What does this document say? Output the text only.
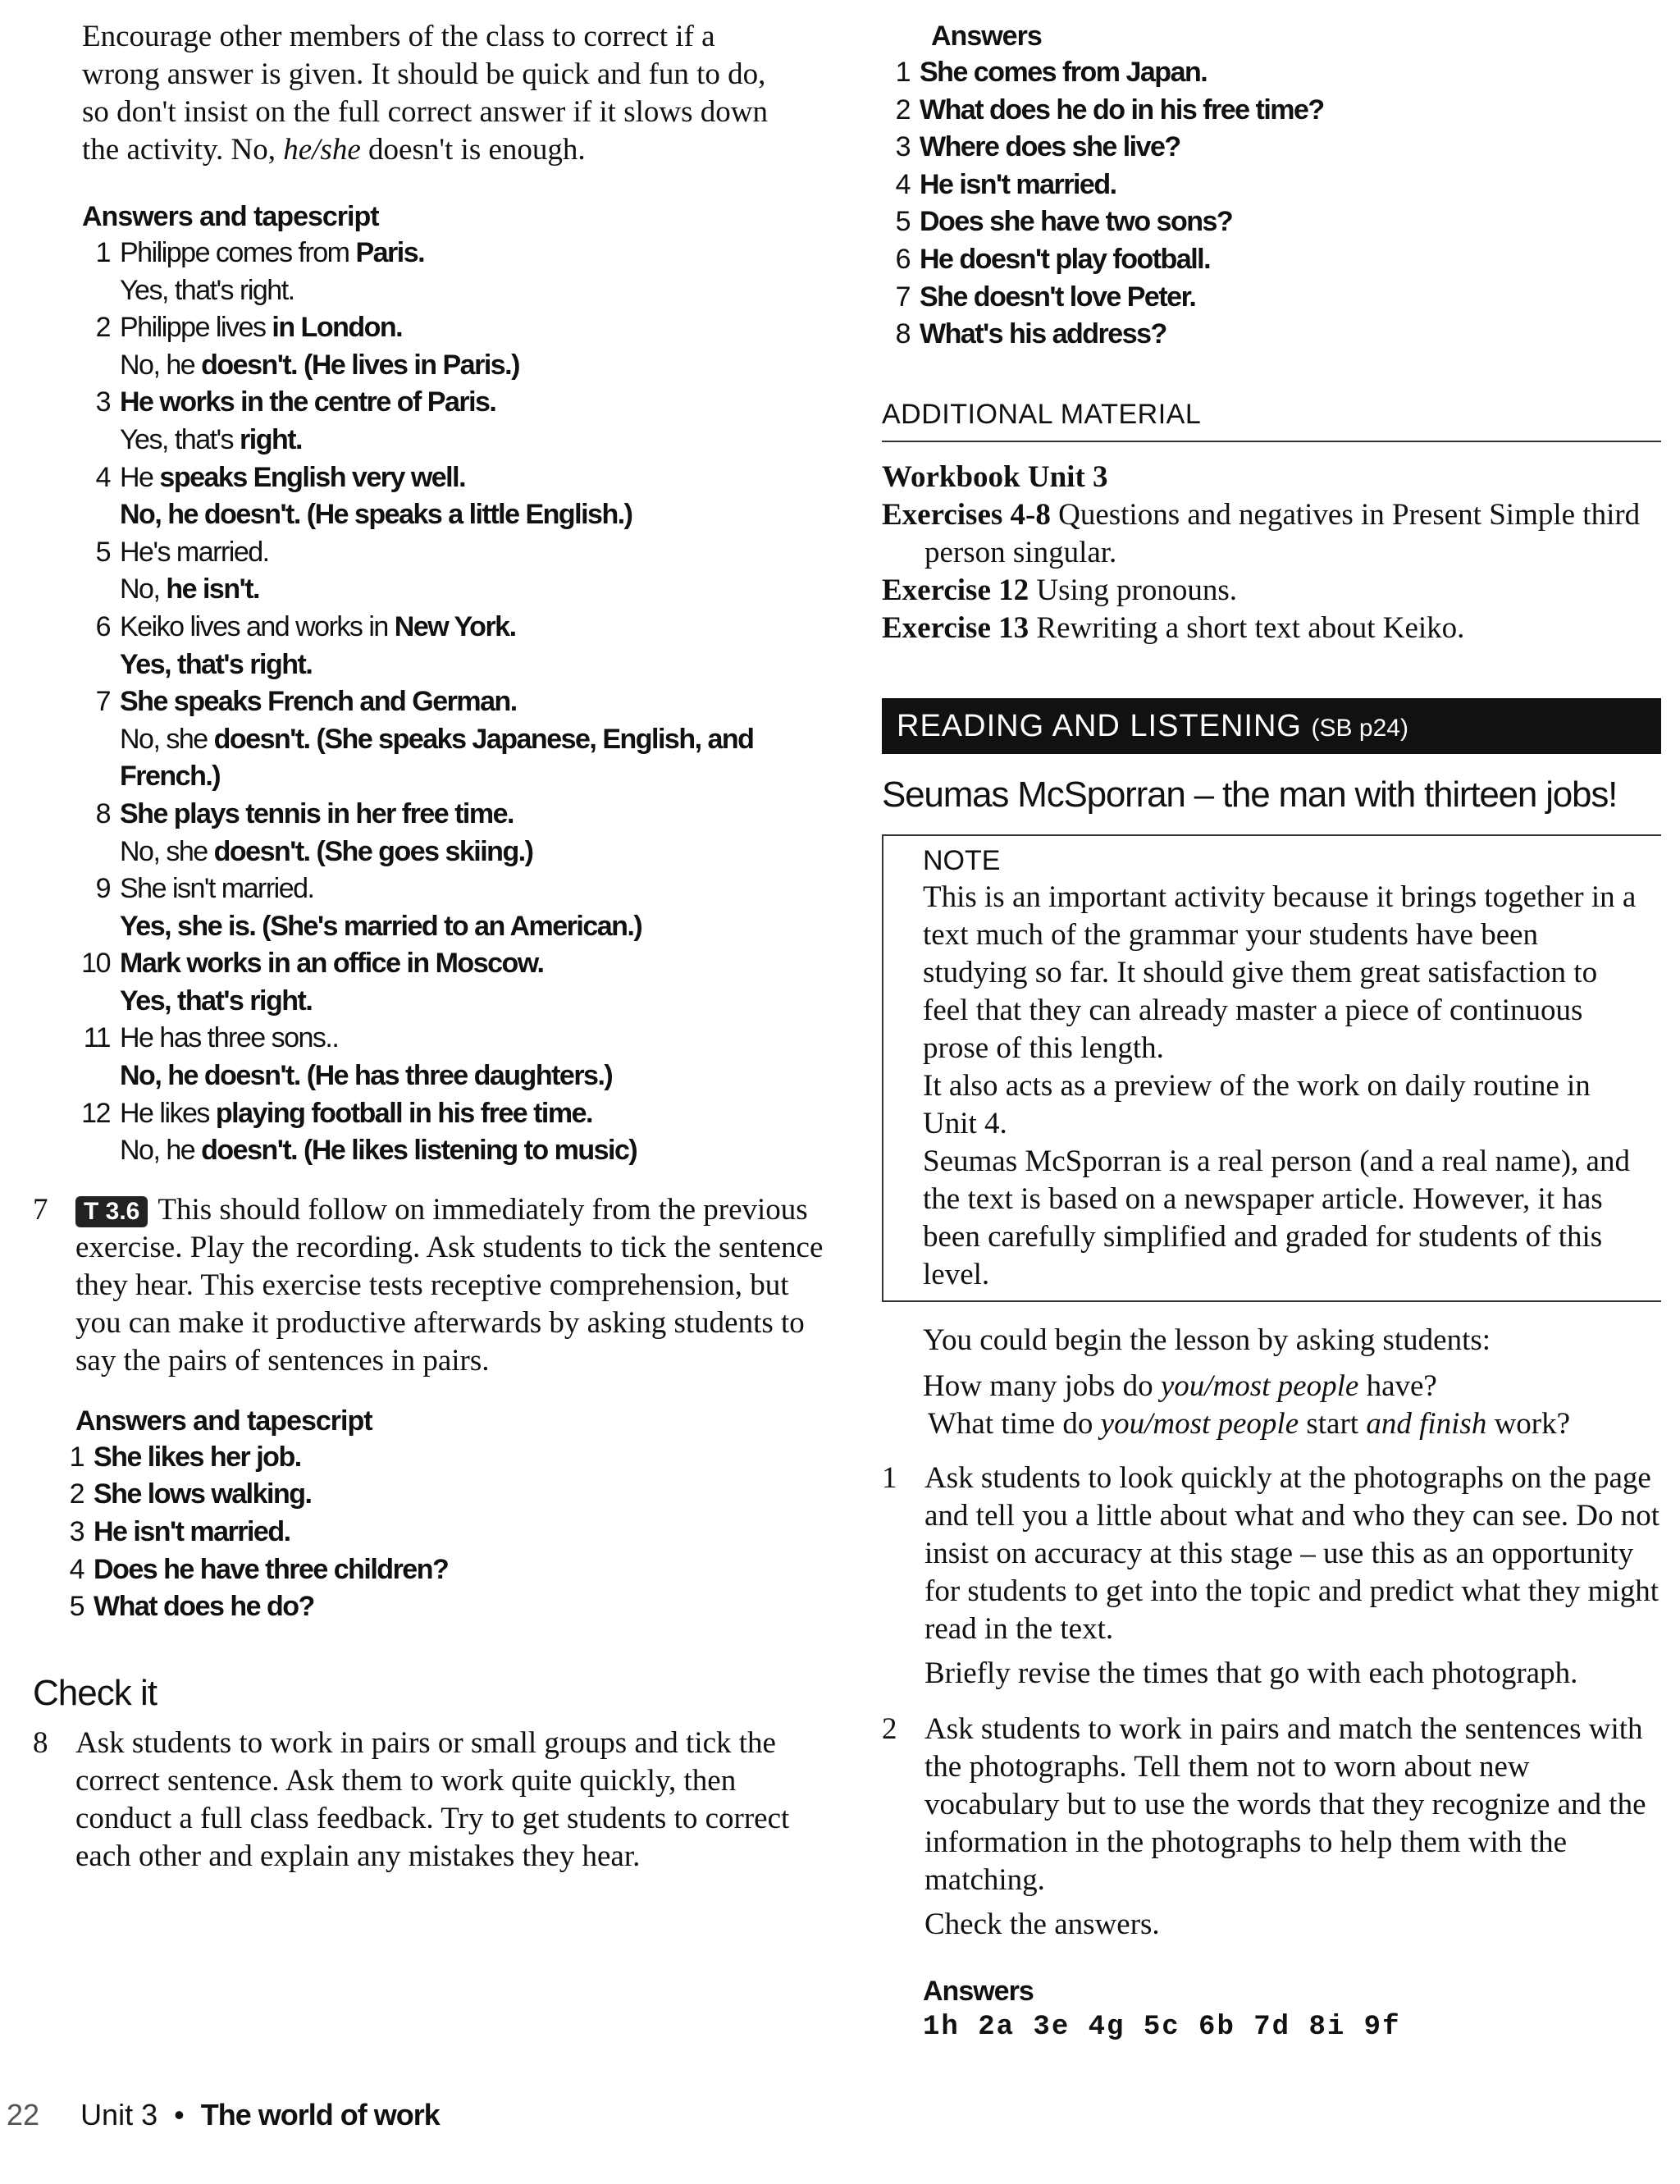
Encourage other members of the class to correct if a
wrong answer is given. It should be quick and fun to do,
so don't insist on the full correct answer if it slows down
the activity. No, he/she doesn't is enough.

Answers and tapescript

1 Philippe comes from Paris.
Yes, that's right.
2 Philippe lives in London.
No, he doesn't. (He lives in Paris.)
3 He works in the centre of Paris.
Yes, that's right.
4 He speaks English very well.
No, he doesn't. (He speaks a little English.)
5 He's married.
No, he isn't.
6 Keiko lives and works in New York.
Yes, that's right.
7 She speaks French and German.
No, she doesn't. (She speaks Japanese, English, and French.)
8 She plays tennis in her free time.
No, she doesn't. (She goes skiing.)
9 She isn't married.
Yes, she is. (She's married to an American.)
10 Mark works in an office in Moscow.
Yes, that's right.
11 He has three sons..
No, he doesn't. (He has three daughters.)
12 He likes playing football in his free time.
No, he doesn't. (He likes listening to music)
7	T 3.6 This should follow on immediately from the previous exercise. Play the recording. Ask students to tick the sentence they hear. This exercise tests receptive comprehension, but you can make it productive afterwards by asking students to say the pairs of sentences in pairs.

Answers and tapescript

1 She likes her job.
2 She lows walking.
3 He isn't married.
4 Does he have three children?
5 What does he do?

Check it

8 Ask students to work in pairs or small groups and tick the correct sentence. Ask them to work quite quickly, then conduct a full class feedback. Try to get students to correct each other and explain any mistakes they hear.

Answers

1 She comes from Japan.
2 What does he do in his free time?
3 Where does she live?
4 He isn't married.
5 Does she have two sons?
6 He doesn't play football.
7 She doesn't love Peter.
8 What's his address?

ADDITIONAL MATERIAL

Workbook Unit 3

Exercises 4-8 Questions and negatives in Present Simple third person singular.

Exercise 12 Using pronouns.

Exercise 13 Rewriting a short text about Keiko.

READING AND LISTENING (SB p24)

Seumas McSporran – the man with thirteen jobs!

NOTE

This is an important activity because it brings together in a text much of the grammar your students have been studying so far. It should give them great satisfaction to feel that they can already master a piece of continuous prose of this length.

It also acts as a preview of the work on daily routine in Unit 4.

Seumas McSporran is a real person (and a real name), and the text is based on a newspaper article. However, it has been carefully simplified and graded for students of this level.

You could begin the lesson by asking students:

How many jobs do you/most people have?

What time do you/most people start and finish work?

1 Ask students to look quickly at the photographs on the page and tell you a little about what and who they can see. Do not insist on accuracy at this stage – use this as an opportunity for students to get into the topic and predict what they might read in the text.

Briefly revise the times that go with each photograph.

2 Ask students to work in pairs and match the sentences with the photographs. Tell them not to worn about new vocabulary but to use the words that they recognize and the information in the photographs to help them with the matching.

Check the answers.

Answers

1h 2a 3e 4g 5c 6b 7d 8i 9f

22 Unit 3 • The world of work
